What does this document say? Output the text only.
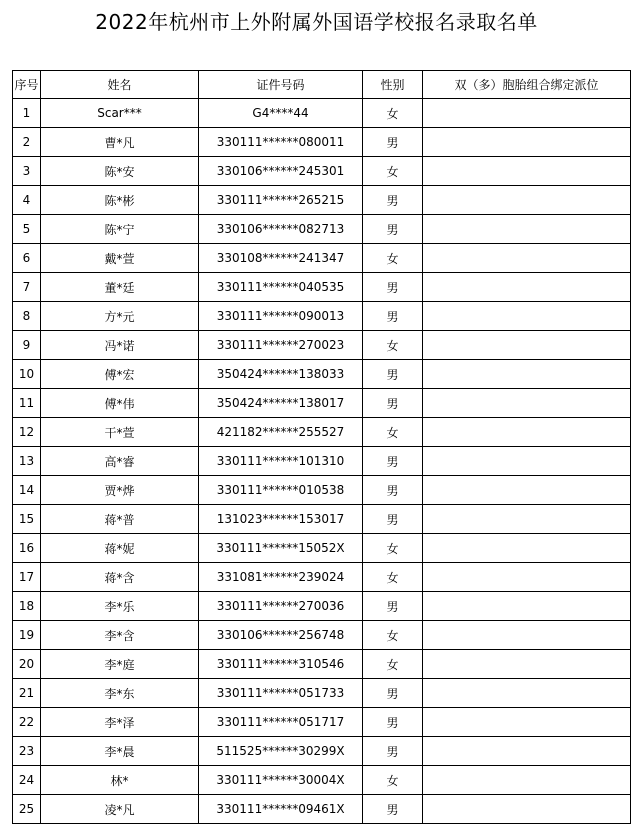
2022年杭州市上外附属外国语学校报名录取名单
序号	姓名	证件号码	性别	双（多）胞胎组合绑定派位
1	Scar***	G4****44	女	
2	曹*凡	330111******080011	男	
3	陈*安	330106******245301	女	
4	陈*彬	330111******265215	男	
5	陈*宁	330106******082713	男	
6	戴*萱	330108******241347	女	
7	董*廷	330111******040535	男	
8	方*元	330111******090013	男	
9	冯*诺	330111******270023	女	
10	傅*宏	350424******138033	男	
11	傅*伟	350424******138017	男	
12	干*萱	421182******255527	女	
13	高*睿	330111******101310	男	
14	贾*烨	330111******010538	男	
15	蒋*普	131023******153017	男	
16	蒋*妮	330111******15052X	女	
17	蒋*含	331081******239024	女	
18	李*乐	330111******270036	男	
19	李*含	330106******256748	女	
20	李*庭	330111******310546	女	
21	李*东	330111******051733	男	
22	李*泽	330111******051717	男	
23	李*晨	511525******30299X	男	
24	林*	330111******30004X	女	
25	凌*凡	330111******09461X	男	
